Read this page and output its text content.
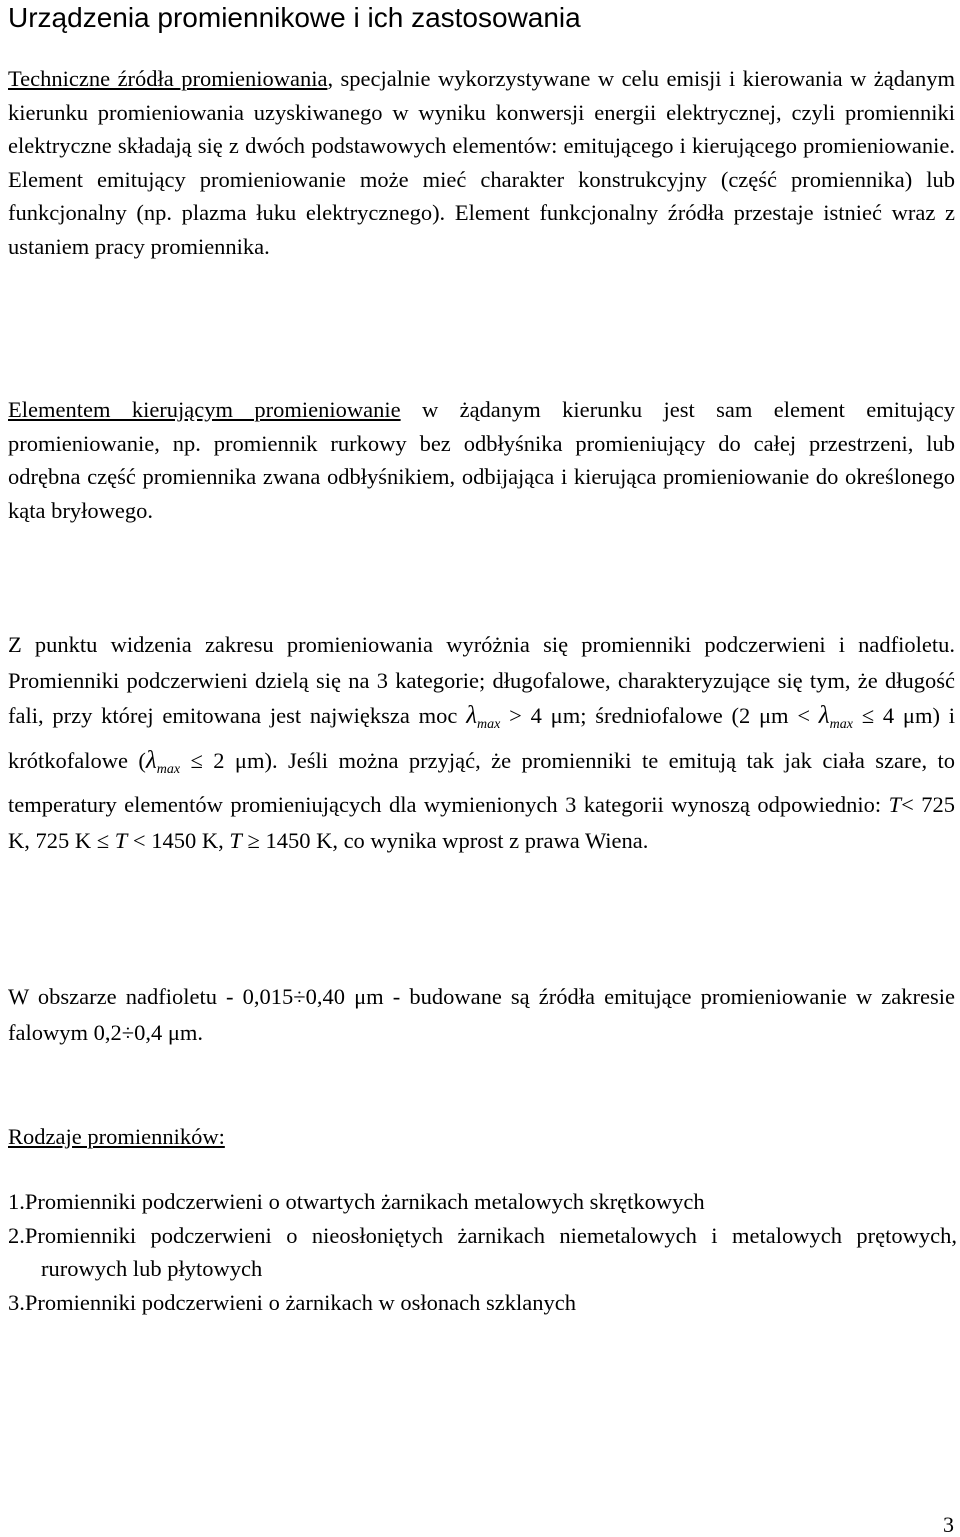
Urządzenia promiennikowe i ich zastosowania

Techniczne źródła promieniowania, specjalnie wykorzystywane w celu emisji i kierowania w żądanym kierunku promieniowania uzyskiwanego w wyniku konwersji energii elektrycznej, czyli promienniki elektryczne składają się z dwóch podstawowych elementów: emitującego i kierującego promieniowanie. Element emitujący promieniowanie może mieć charakter konstrukcyjny (część promiennika) lub funkcjonalny (np. plazma łuku elektrycznego). Element funkcjonalny źródła przestaje istnieć wraz z ustaniem pracy promiennika.

Elementem kierującym promieniowanie w żądanym kierunku jest sam element emitujący promieniowanie, np. promiennik rurkowy bez odbłyśnika promieniujący do całej przestrzeni, lub odrębna część promiennika zwana odbłyśnikiem, odbijająca i kierująca promieniowanie do określonego kąta bryłowego.

Z punktu widzenia zakresu promieniowania wyróżnia się promienniki podczerwieni i nadfioletu. Promienniki podczerwieni dzielą się na 3 kategorie; długofalowe, charakteryzujące się tym, że długość fali, przy której emitowana jest największa moc $\lambda_{max} > 4$ μm; średniofalowe (2 $\mu m < \lambda_{max} \le 4$ μm) i krótkofalowe ($\lambda_{max} \le 2$ μm). Jeśli można przyjąć, że promienniki te emitują tak jak ciała szare, to temperatury elementów promieniujących dla wymienionych 3 kategorii wynoszą odpowiednio: T< 725 K, 725 K ≤ T < 1450 K, T ≥ 1450 K, co wynika wprost z prawa Wiena.

W obszarze nadfioletu - 0,015÷0,40 μm - budowane są źródła emitujące promieniowanie w zakresie falowym 0,2÷0,4 μm.

Rodzaje promienników:

1.Promienniki podczerwieni o otwartych żarnikach metalowych skrętkowych
2.Promienniki podczerwieni o nieosłoniętych żarnikach niemetalowych i metalowych prętowych, rurowych lub płytowych
3.Promienniki podczerwieni o żarnikach w osłonach szklanych
3
